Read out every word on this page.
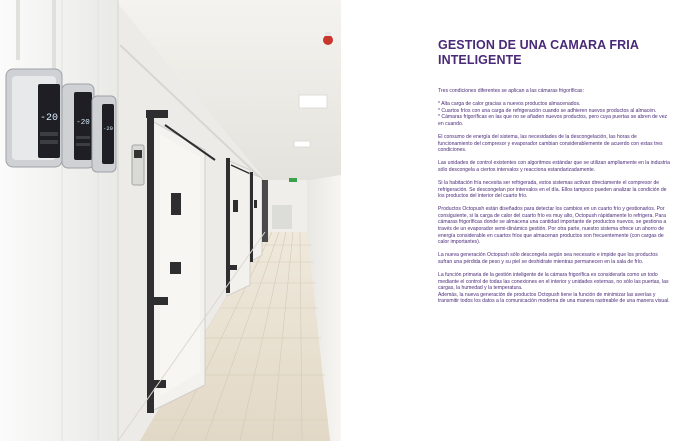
-20 -20
-20
GESTION DE UNA CAMARA FRIA INTELIGENTE

Tres condiciones diferentes se aplican a las cámaras frigoríficas:

* Alta carga de calor gracias a nuevos productos almacenados.
* Cuartos fríos con una carga de refrigeración cuando se adhieren nuevos productos al almacén.
* Cámaras frigoríficas en las que no se añaden nuevos productos, pero cuya puertas se abren de vez en cuando.

El consumo de energía del sistema, las necesidades de la descongelación, las horas de funcionamiento del compresor y evaporador cambian considerablemente de acuerdo con estas tres condiciones.

Las unidades de control existentes con algoritmos estándar que se utilizan ampliamente en la industria sólo descongela a ciertos intervalos y reacciona estandarizadamente.

Si la habitación fría necesita ser refrigerada, estos sistemas activan directamente el compresor de refrigeración. Se descongelan por intervalos en el día. Ellos tampoco pueden analizar la condición de los productos del interior del cuarto frío.

Productos Octopush están diseñados para detectar los cambios en un cuarto frío y gestionarlos. Por consiguiente, si la carga de calor del cuarto frío es muy alto, Octopush rápidamente lo refrigera. Para cámaras frigoríficas donde se almacena una cantidad importante de productos nuevos, se gestiona a través de un evaporador semi-dinámico gestión. Por otra parte, nuestro sistema ofrece un ahorro de energía considerable en cuartos fríos que almacenan productos son frecuentemente (con cargas de calor importantes).

La nueva generación Octopush sólo descongela según sea necesario e impide que los productos sufran una pérdida de peso y su piel se deshidrate mientras permanecen en la sala de frío.

La función primaria de la gestión inteligente de la cámara frigorífica es considerarla como un todo mediante el control de todas las conexiones en el interior y unidades externas, no sólo las puertas, las cargas, la humedad y la temperatura.
Además, la nueva generación de productos Octopush tiene la función de minimizar las averías y transmitir todos los datos a la comunicación moderna de una manera rastreable de una manera visual.
